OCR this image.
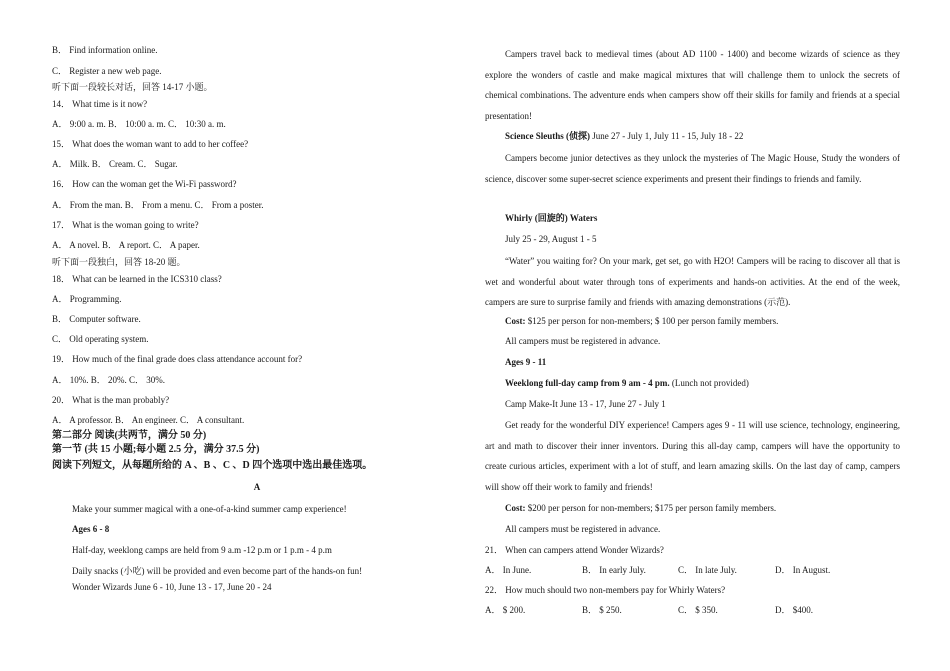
B． Find information online.
C． Register a new web page.
听下面一段较长对话，回答 14-17 小题。
14． What time is it now?
A． 9:00 a. m. B． 10:00 a. m. C． 10:30 a. m.
15． What does the woman want to add to her coffee?
A． Milk. B． Cream. C． Sugar.
16． How can the woman get the Wi-Fi password?
A． From the man. B． From a menu. C． From a poster.
17． What is the woman going to write?
A． A novel. B． A report. C． A paper.
听下面一段独白，回答 18-20 题。
18． What can be learned in the ICS310 class?
A． Programming.
B． Computer software.
C． Old operating system.
19． How much of the final grade does class attendance account for?
A． 10%. B． 20%. C． 30%.
20． What is the man probably?
A． A professor. B． An engineer. C． A consultant.
第二部分 阅读(共两节，满分 50 分)
第一节 (共 15 小题;每小题 2.5 分，满分 37.5 分)
阅读下列短文，从每题所给的 A 、B 、C 、D 四个选项中选出最佳选项。
A
Make your summer magical with a one-of-a-kind summer camp experience!
Ages 6 - 8
Half-day, weeklong camps are held from 9 a.m -12 p.m or 1 p.m - 4 p.m
Daily snacks (小吃) will be provided and even become part of the hands-on fun!
Wonder Wizards June 6 - 10, June 13 - 17, June 20 - 24
Campers travel back to medieval times (about AD 1100 - 1400) and become wizards of science as they explore the wonders of castle and make magical mixtures that will challenge them to unlock the secrets of chemical combinations. The adventure ends when campers show off their skills for family and friends at a special presentation!
Science Sleuths (侦探) June 27 - July 1, July 11 - 15, July 18 - 22
Campers become junior detectives as they unlock the mysteries of The Magic House, Study the wonders of science, discover some super-secret science experiments and present their findings to friends and family.
Whirly (回旋的) Waters
July 25 - 29, August 1 - 5
“Water” you waiting for? On your mark, get set, go with H2O! Campers will be racing to discover all that is wet and wonderful about water through tons of experiments and hands-on activities. At the end of the week, campers are sure to surprise family and friends with amazing demonstrations (示范).
Cost: $125 per person for non-members; $ 100 per person family members.
All campers must be registered in advance.
Ages 9 - 11
Weeklong full-day camp from 9 am - 4 pm. (Lunch not provided)
Camp Make-It June 13 - 17, June 27 - July 1
Get ready for the wonderful DIY experience! Campers ages 9 - 11 will use science, technology, engineering, art and math to discover their inner inventors. During this all-day camp, campers will have the opportunity to create curious articles, experiment with a lot of stuff, and learn amazing skills. On the last day of camp, campers will show off their work to family and friends!
Cost: $200 per person for non-members; $175 per person family members.
All campers must be registered in advance.
21． When can campers attend Wonder Wizards?
A． In June.	B． In early July.	C． In late July.	D． In August.
22． How much should two non-members pay for Whirly Waters?
A． $ 200.	B． $ 250.	C． $ 350.	D． $400.
